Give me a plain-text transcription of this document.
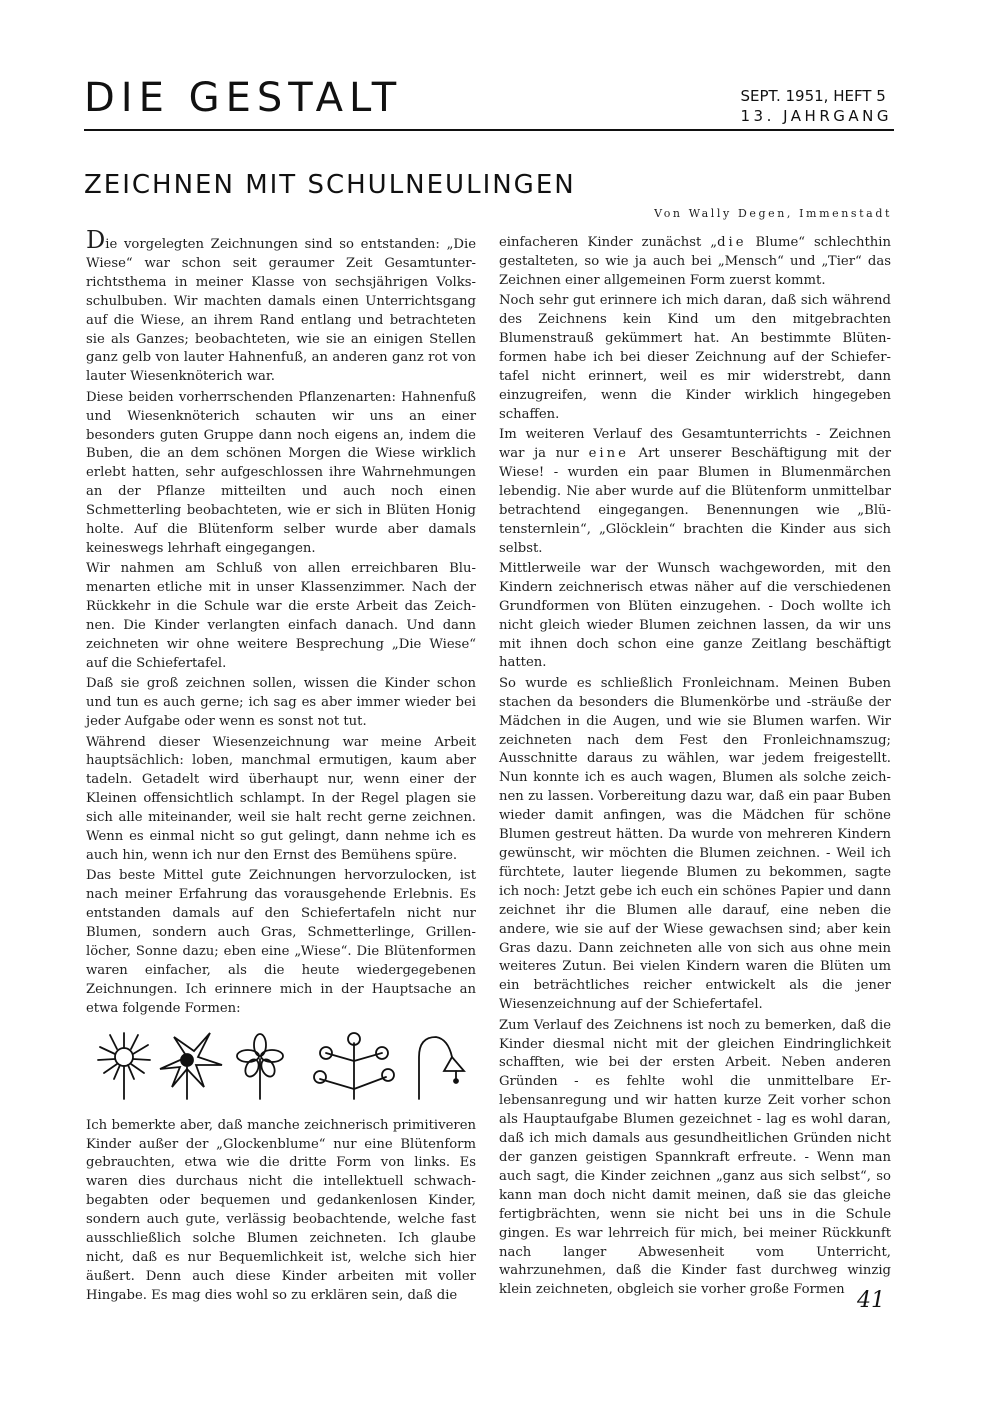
DIE GESTALT	SEPT. 1951, HEFT 5
13. JAHRGANG
ZEICHNEN MIT SCHULNEULINGEN
Von Wally Degen, Immenstadt

Die vorgelegten Zeichnungen sind so entstanden: „Die Wiese“ war schon seit geraumer Zeit Gesamtunterrichtsthema in meiner Klasse von sechsjährigen Volksschulbuben. Wir machten damals einen Unterrichtsgang auf die Wiese, an ihrem Rand entlang und betrachteten sie als Ganzes; beobachteten, wie sie an einigen Stellen ganz gelb von lauter Hahnenfuß, an anderen ganz rot von lauter Wiesenknöterich war.

Diese beiden vorherrschenden Pflanzenarten: Hahnenfuß und Wiesenknöterich schauten wir uns an einer besonders guten Gruppe dann noch eigens an, indem die Buben, die an dem schönen Morgen die Wiese wirklich erlebt hatten, sehr aufgeschlossen ihre Wahrnehmungen an der Pflanze mitteilten und auch noch einen Schmetterling beobachteten, wie er sich in Blüten Honig holte. Auf die Blütenform selber wurde aber damals keineswegs lehrhaft eingegangen.

Wir nahmen am Schluß von allen erreichbaren Blumenarten etliche mit in unser Klassenzimmer. Nach der Rückkehr in die Schule war die erste Arbeit das Zeichnen. Die Kinder verlangten einfach danach. Und dann zeichneten wir ohne weitere Besprechung „Die Wiese“ auf die Schiefertafel.

Daß sie groß zeichnen sollen, wissen die Kinder schon und tun es auch gerne; ich sag es aber immer wieder bei jeder Aufgabe oder wenn es sonst not tut.

Während dieser Wiesenzeichnung war meine Arbeit hauptsächlich: loben, manchmal ermutigen, kaum aber tadeln. Getadelt wird überhaupt nur, wenn einer der Kleinen offensichtlich schlampt. In der Regel plagen sie sich alle miteinander, weil sie halt recht gerne zeichnen. Wenn es einmal nicht so gut gelingt, dann nehme ich es auch hin, wenn ich nur den Ernst des Bemühens spüre.

Das beste Mittel gute Zeichnungen hervorzulocken, ist nach meiner Erfahrung das vorausgehende Erlebnis. Es entstanden damals auf den Schiefertafeln nicht nur Blumen, sondern auch Gras, Schmetterlinge, Grillenlöcher, Sonne dazu; eben eine „Wiese“. Die Blütenformen waren einfacher, als die heute wiedergegebenen Zeichnungen. Ich erinnere mich in der Hauptsache an etwa folgende Formen:

Ich bemerkte aber, daß manche zeichnerisch primitiveren Kinder außer der „Glockenblume“ nur eine Blütenform gebrauchten, etwa wie die dritte Form von links. Es waren dies durchaus nicht die intellektuell schwachbegabten oder bequemen und gedankenlosen Kinder, sondern auch gute, verlässig beobachtende, welche fast ausschließlich solche Blumen zeichneten. Ich glaube nicht, daß es nur Bequemlichkeit ist, welche sich hier äußert. Denn auch diese Kinder arbeiten mit voller Hingabe. Es mag dies wohl so zu erklären sein, daß die

einfacheren Kinder zunächst „die Blume“ schlechthin gestalteten, so wie ja auch bei „Mensch“ und „Tier“ das Zeichnen einer allgemeinen Form zuerst kommt.

Noch sehr gut erinnere ich mich daran, daß sich während des Zeichnens kein Kind um den mitgebrachten Blumenstrauß gekümmert hat. An bestimmte Blütenformen habe ich bei dieser Zeichnung auf der Schiefertafel nicht erinnert, weil es mir widerstrebt, dann einzugreifen, wenn die Kinder wirklich hingegeben schaffen.

Im weiteren Verlauf des Gesamtunterrichts - Zeichnen war ja nur eine Art unserer Beschäftigung mit der Wiese! - wurden ein paar Blumen in Blumenmärchen lebendig. Nie aber wurde auf die Blütenform unmittelbar betrachtend eingegangen. Benennungen wie „Blütensternlein“, „Glöcklein“ brachten die Kinder aus sich selbst.

Mittlerweile war der Wunsch wachgeworden, mit den Kindern zeichnerisch etwas näher auf die verschiedenen Grundformen von Blüten einzugehen. - Doch wollte ich nicht gleich wieder Blumen zeichnen lassen, da wir uns mit ihnen doch schon eine ganze Zeitlang beschäftigt hatten.

So wurde es schließlich Fronleichnam. Meinen Buben stachen da besonders die Blumenkörbe und -sträuße der Mädchen in die Augen, und wie sie Blumen warfen. Wir zeichneten nach dem Fest den Fronleichnamszug; Ausschnitte daraus zu wählen, war jedem freigestellt. Nun konnte ich es auch wagen, Blumen als solche zeichnen zu lassen. Vorbereitung dazu war, daß ein paar Buben wieder damit anfingen, was die Mädchen für schöne Blumen gestreut hätten. Da wurde von mehreren Kindern gewünscht, wir möchten die Blumen zeichnen. - Weil ich fürchtete, lauter liegende Blumen zu bekommen, sagte ich noch: Jetzt gebe ich euch ein schönes Papier und dann zeichnet ihr die Blumen alle darauf, eine neben die andere, wie sie auf der Wiese gewachsen sind; aber kein Gras dazu. Dann zeichneten alle von sich aus ohne mein weiteres Zutun. Bei vielen Kindern waren die Blüten um ein beträchtliches reicher entwickelt als die jener Wiesenzeichnung auf der Schiefertafel.

Zum Verlauf des Zeichnens ist noch zu bemerken, daß die Kinder diesmal nicht mit der gleichen Eindringlichkeit schafften, wie bei der ersten Arbeit. Neben anderen Gründen - es fehlte wohl die unmittelbare Erlebensanregung und wir hatten kurze Zeit vorher schon als Hauptaufgabe Blumen gezeichnet - lag es wohl daran, daß ich mich damals aus gesundheitlichen Gründen nicht der ganzen geistigen Spannkraft erfreute. - Wenn man auch sagt, die Kinder zeichnen „ganz aus sich selbst“, so kann man doch nicht damit meinen, daß sie das gleiche fertigbrächten, wenn sie nicht bei uns in die Schule gingen. Es war lehrreich für mich, bei meiner Rückkunft nach langer Abwesenheit vom Unterricht, wahrzunehmen, daß die Kinder fast durchweg winzig klein zeichneten, obgleich sie vorher große Formen 41
